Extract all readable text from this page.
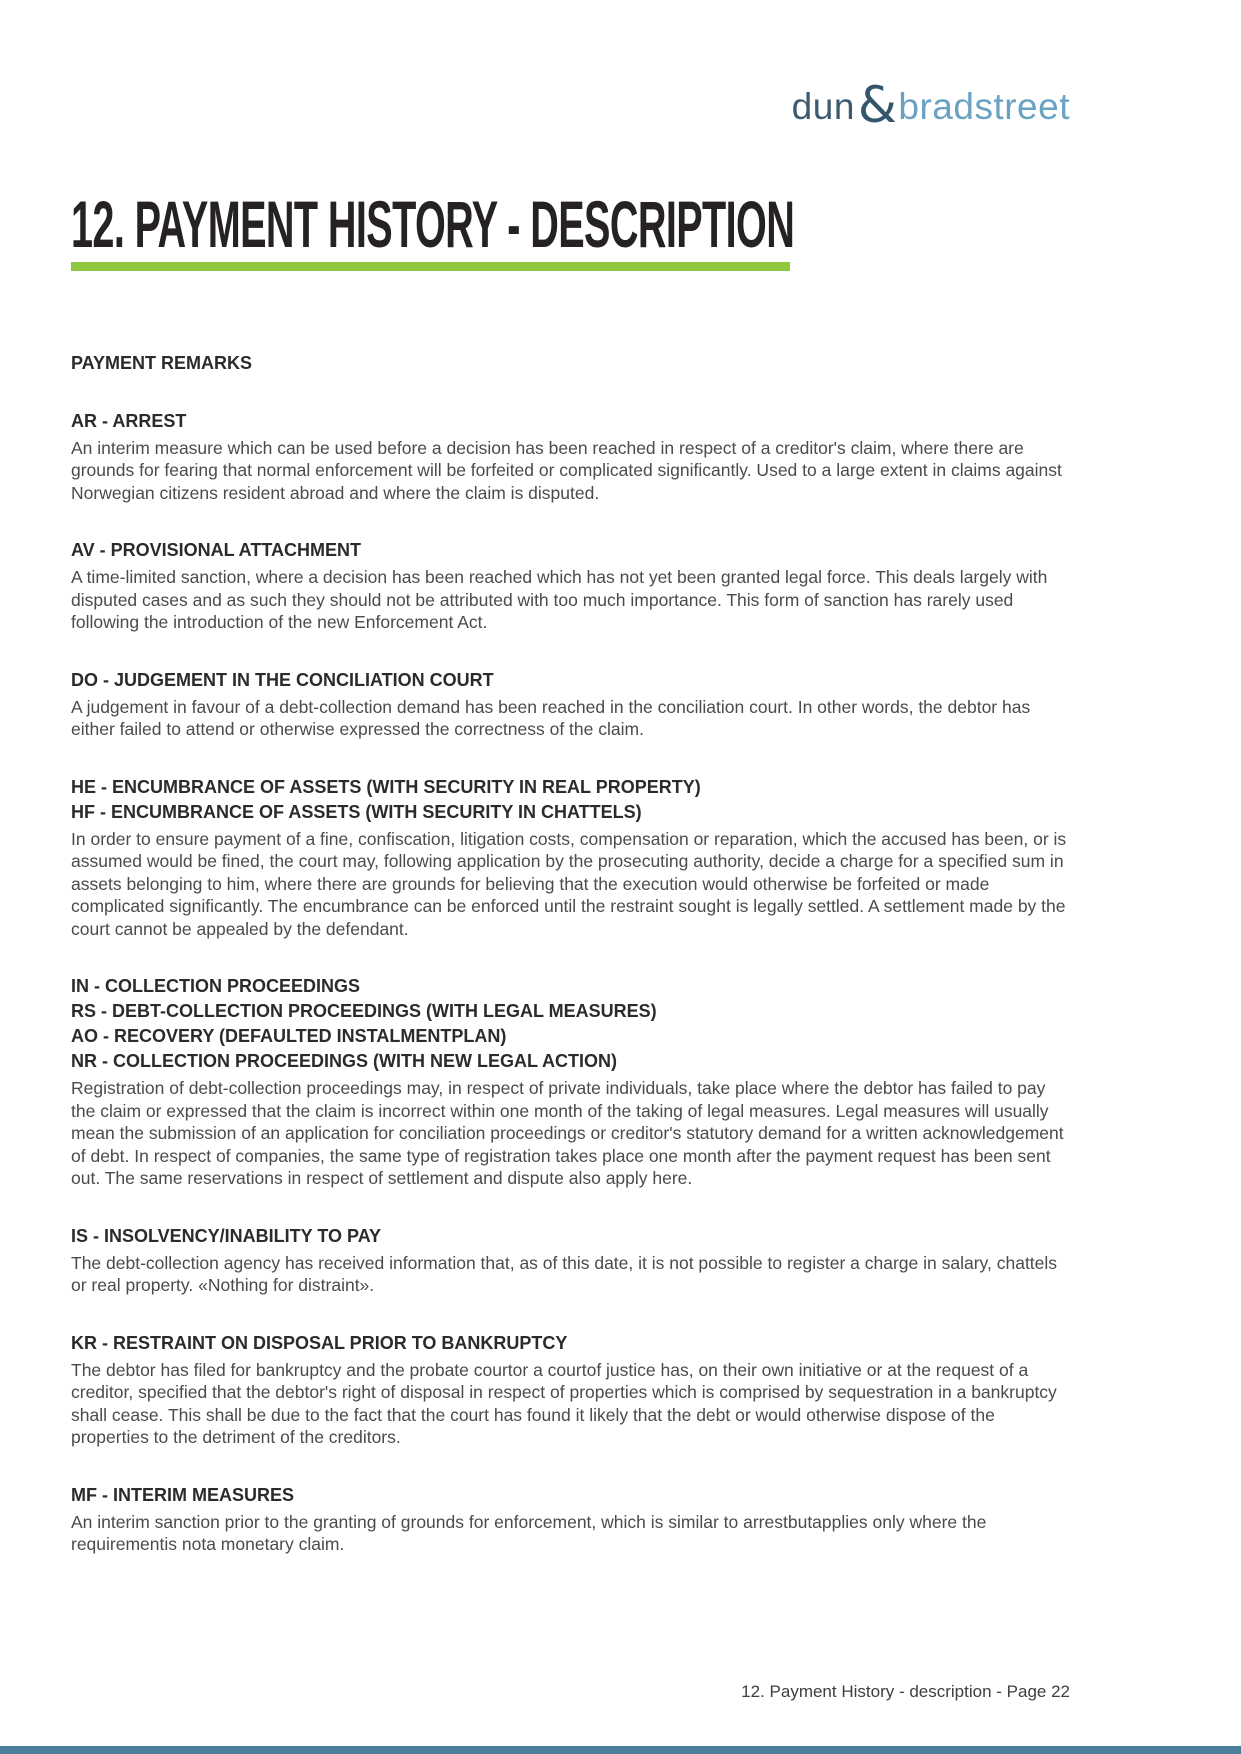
dun & bradstreet
12. PAYMENT HISTORY - DESCRIPTION
PAYMENT REMARKS
AR - ARREST

An interim measure which can be used before a decision has been reached in respect of a creditor's claim, where there are grounds for fearing that normal enforcement will be forfeited or complicated significantly. Used to a large extent in claims against Norwegian citizens resident abroad and where the claim is disputed.

AV - PROVISIONAL ATTACHMENT

A time-limited sanction, where a decision has been reached which has not yet been granted legal force. This deals largely with disputed cases and as such they should not be attributed with too much importance. This form of sanction has rarely used following the introduction of the new Enforcement Act.

DO - JUDGEMENT IN THE CONCILIATION COURT

A judgement in favour of a debt-collection demand has been reached in the conciliation court. In other words, the debtor has either failed to attend or otherwise expressed the correctness of the claim.

HE - ENCUMBRANCE OF ASSETS (WITH SECURITY IN REAL PROPERTY)
HF - ENCUMBRANCE OF ASSETS (WITH SECURITY IN CHATTELS)

In order to ensure payment of a fine, confiscation, litigation costs, compensation or reparation, which the accused has been, or is assumed would be fined, the court may, following application by the prosecuting authority, decide a charge for a specified sum in assets belonging to him, where there are grounds for believing that the execution would otherwise be forfeited or made complicated significantly. The encumbrance can be enforced until the restraint sought is legally settled. A settlement made by the court cannot be appealed by the defendant.

IN - COLLECTION PROCEEDINGS
RS - DEBT-COLLECTION PROCEEDINGS (WITH LEGAL MEASURES)
AO - RECOVERY (DEFAULTED INSTALMENTPLAN)
NR - COLLECTION PROCEEDINGS (WITH NEW LEGAL ACTION)

Registration of debt-collection proceedings may, in respect of private individuals, take place where the debtor has failed to pay the claim or expressed that the claim is incorrect within one month of the taking of legal measures. Legal measures will usually mean the submission of an application for conciliation proceedings or creditor's statutory demand for a written acknowledgement of debt. In respect of companies, the same type of registration takes place one month after the payment request has been sent out. The same reservations in respect of settlement and dispute also apply here.

IS - INSOLVENCY/INABILITY TO PAY

The debt-collection agency has received information that, as of this date, it is not possible to register a charge in salary, chattels or real property. «Nothing for distraint».

KR - RESTRAINT ON DISPOSAL PRIOR TO BANKRUPTCY

The debtor has filed for bankruptcy and the probate courtor a courtof justice has, on their own initiative or at the request of a creditor, specified that the debtor's right of disposal in respect of properties which is comprised by sequestration in a bankruptcy shall cease. This shall be due to the fact that the court has found it likely that the debt or would otherwise dispose of the properties to the detriment of the creditors.

MF - INTERIM MEASURES

An interim sanction prior to the granting of grounds for enforcement, which is similar to arrestbutapplies only where the requirementis nota monetary claim.

12. Payment History - description - Page 22
